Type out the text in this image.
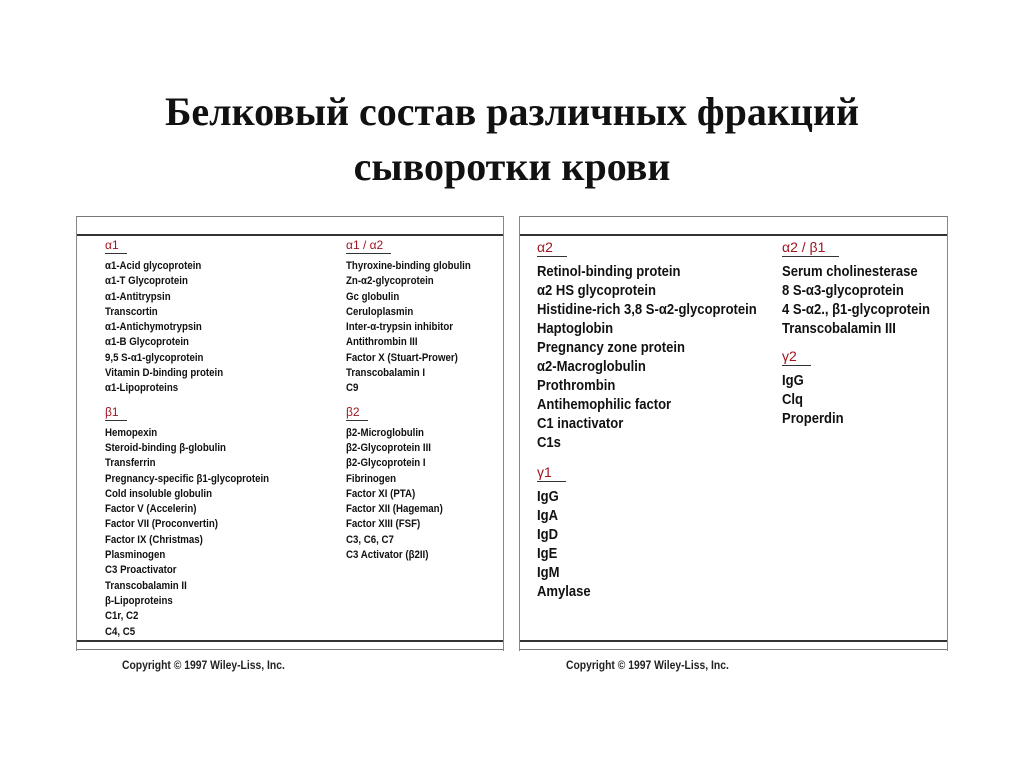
Белковый состав различных фракций
сыворотки крови
α1
α1-Acid glycoprotein
α1-T Glycoprotein
α1-Antitrypsin
Transcortin
α1-Antichymotrypsin
α1-B Glycoprotein
9,5 S-α1-glycoprotein
Vitamin D-binding protein
α1-Lipoproteins
β1
Hemopexin
Steroid-binding β-globulin
Transferrin
Pregnancy-specific β1-glycoprotein
Cold insoluble globulin
Factor V (Accelerin)
Factor VII (Proconvertin)
Factor IX (Christmas)
Plasminogen
C3 Proactivator
Transcobalamin II
β-Lipoproteins
C1r, C2
C4, C5
α1 / α2
Thyroxine-binding globulin
Zn-α2-glycoprotein
Gc globulin
Ceruloplasmin
Inter-α-trypsin inhibitor
Antithrombin III
Factor X (Stuart-Prower)
Transcobalamin I
C9
β2
β2-Microglobulin
β2-Glycoprotein III
β2-Glycoprotein I
Fibrinogen
Factor XI (PTA)
Factor XII (Hageman)
Factor XIII (FSF)
C3, C6, C7
C3 Activator (β2II)
Copyright © 1997 Wiley-Liss, Inc.
α2
Retinol-binding protein
α2 HS glycoprotein
Histidine-rich 3,8 S-α2-glycoprotein
Haptoglobin
Pregnancy zone protein
α2-Macroglobulin
Prothrombin
Antihemophilic factor
C1 inactivator
C1s
γ1
IgG
IgA
IgD
IgE
IgM
Amylase
α2 / β1
Serum cholinesterase
8 S-α3-glycoprotein
4 S-α2., β1-glycoprotein
Transcobalamin III
γ2
IgG
Clq
Properdin
Copyright © 1997 Wiley-Liss, Inc.
